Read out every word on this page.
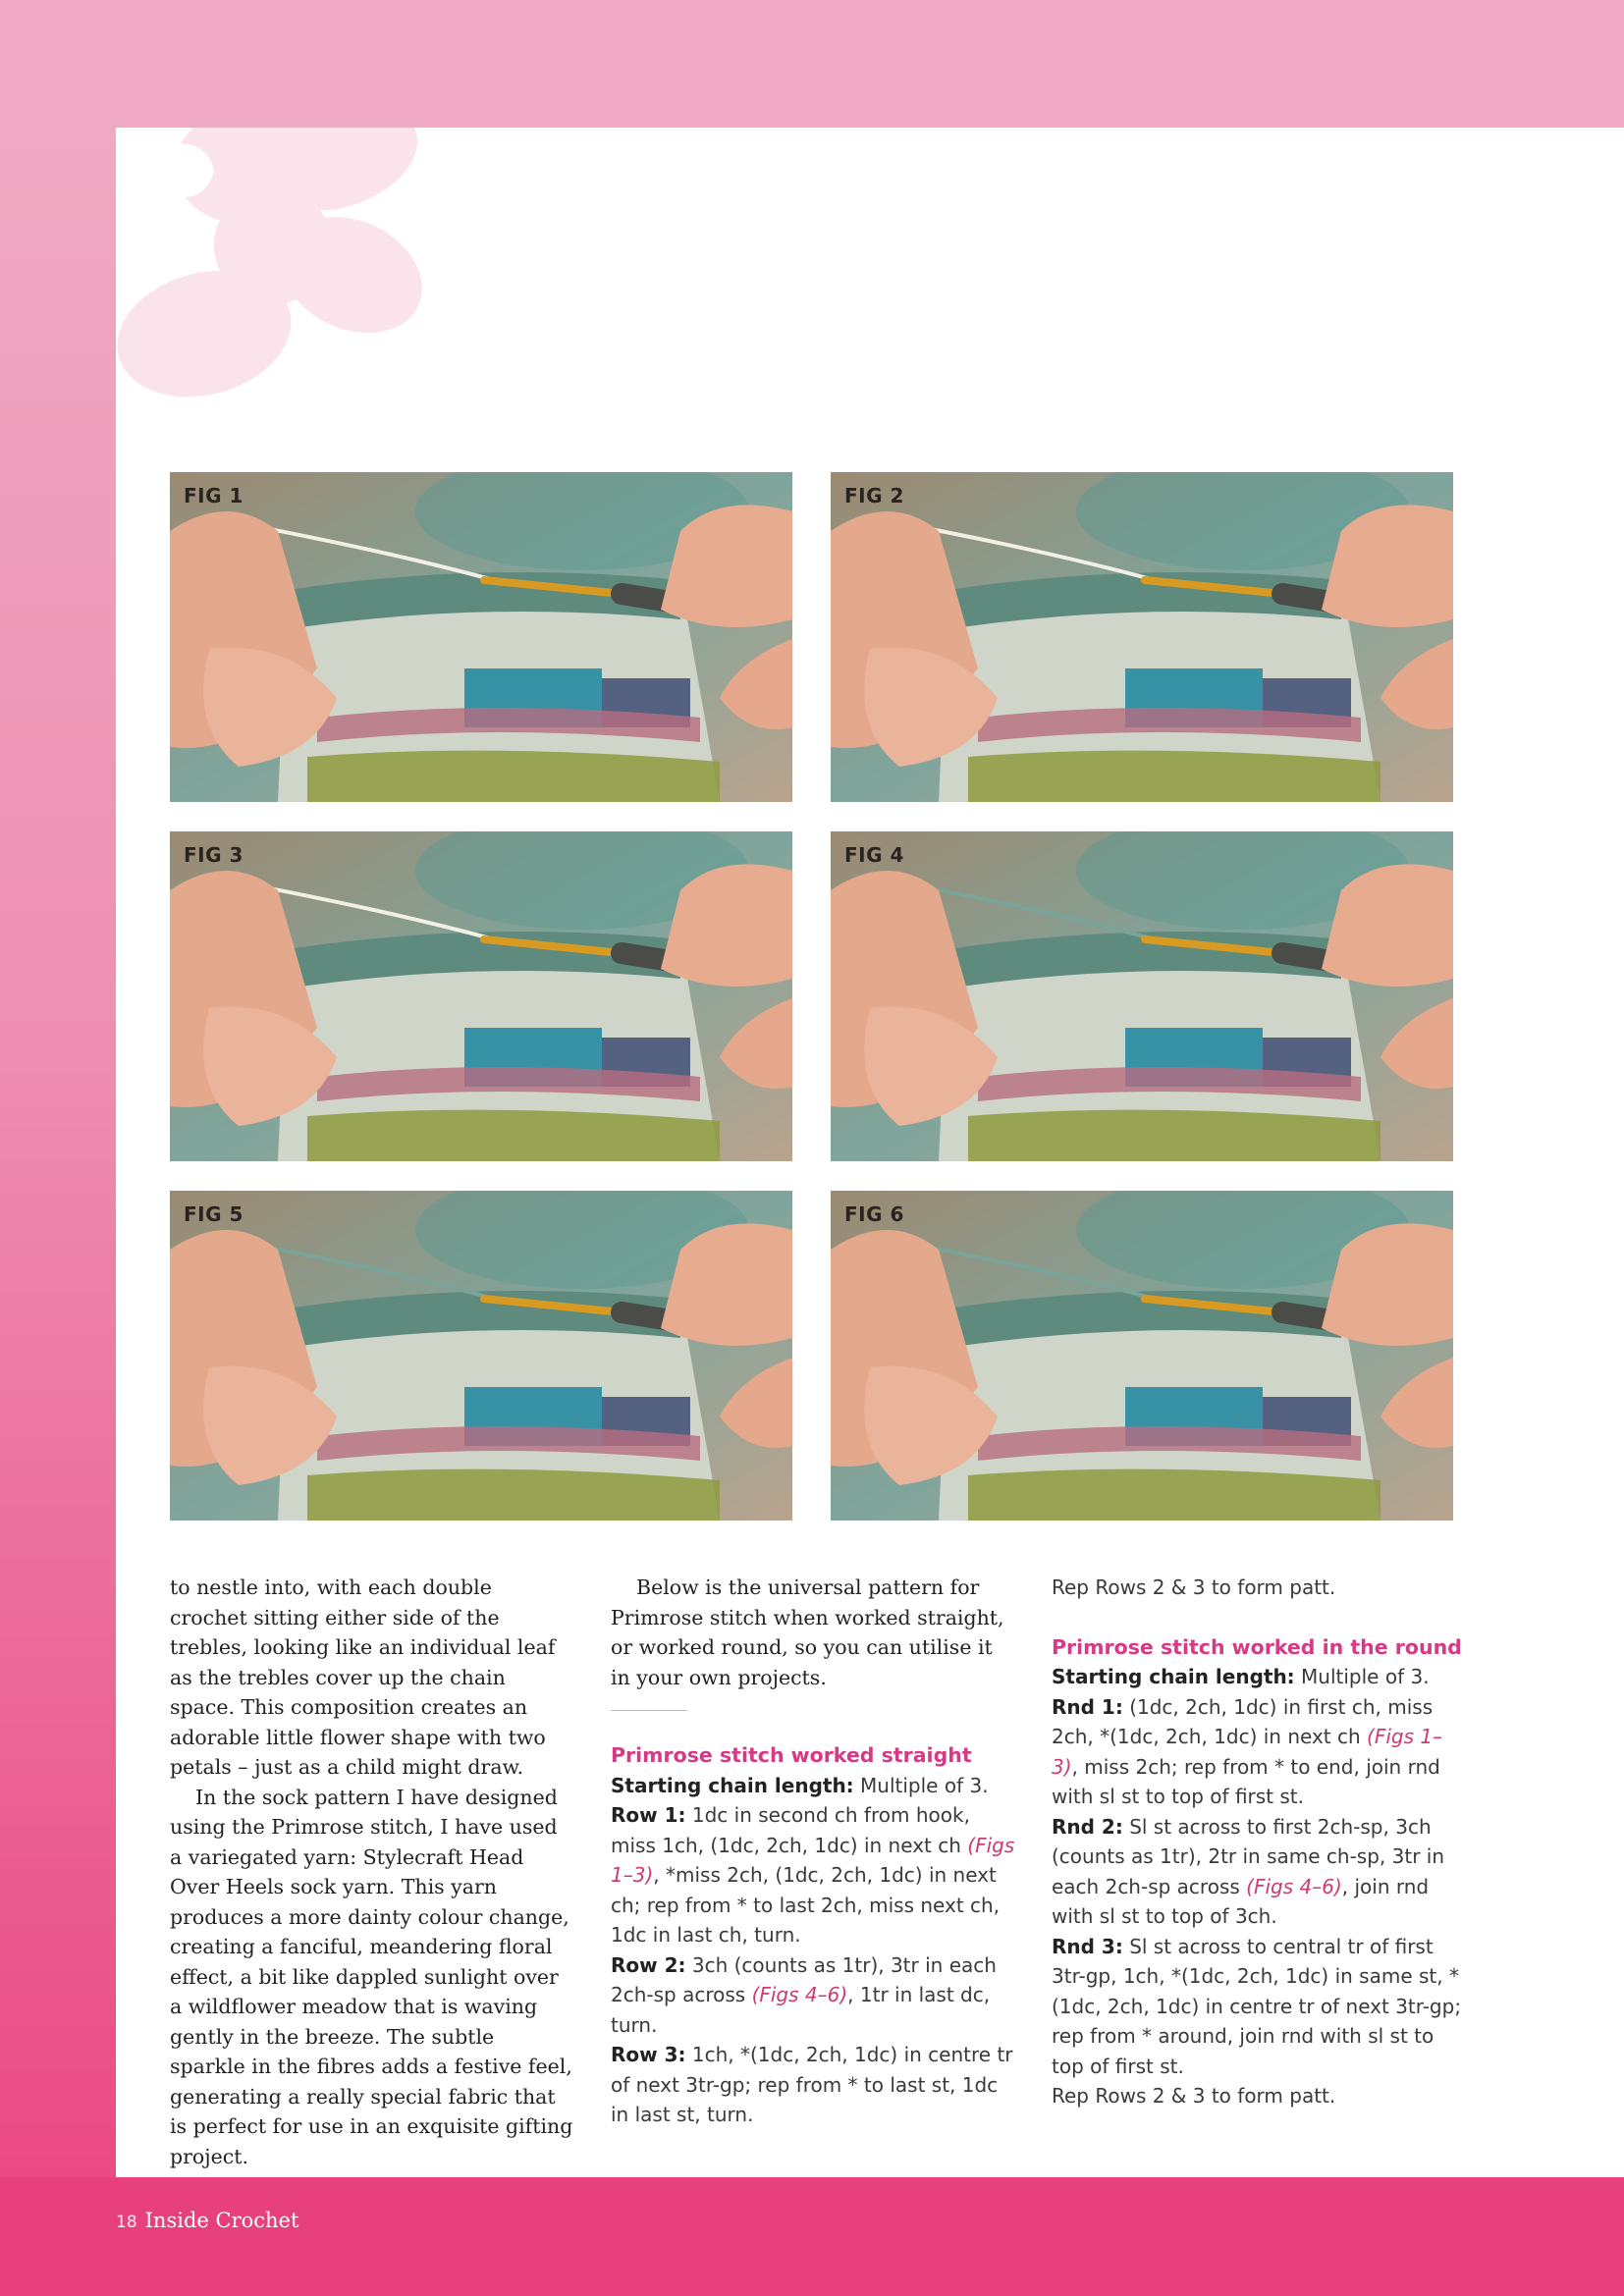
FIG 1	FIG 2
FIG 3	FIG 4
FIG 5	FIG 6

to nestle into, with each double crochet sitting either side of the trebles, looking like an individual leaf as the trebles cover up the chain space. This composition creates an adorable little flower shape with two petals – just as a child might draw.

In the sock pattern I have designed using the Primrose stitch, I have used a variegated yarn: Stylecraft Head Over Heels sock yarn. This yarn produces a more dainty colour change, creating a fanciful, meandering floral effect, a bit like dappled sunlight over a wildflower meadow that is waving gently in the breeze. The subtle sparkle in the fibres adds a festive feel, generating a really special fabric that is perfect for use in an exquisite gifting project.

Below is the universal pattern for Primrose stitch when worked straight, or worked round, so you can utilise it in your own projects.

Primrose stitch worked straight

Starting chain length: Multiple of 3.

Row 1: 1dc in second ch from hook, miss 1ch, (1dc, 2ch, 1dc) in next ch (Figs 1–3), *miss 2ch, (1dc, 2ch, 1dc) in next ch; rep from * to last 2ch, miss next ch, 1dc in last ch, turn.

Row 2: 3ch (counts as 1tr), 3tr in each 2ch-sp across (Figs 4–6), 1tr in last dc, turn.

Row 3: 1ch, *(1dc, 2ch, 1dc) in centre tr of next 3tr-gp; rep from * to last st, 1dc in last st, turn.

Rep Rows 2 & 3 to form patt.

Primrose stitch worked in the round

Starting chain length: Multiple of 3.

Rnd 1: (1dc, 2ch, 1dc) in first ch, miss 2ch, *(1dc, 2ch, 1dc) in next ch (Figs 1–3), miss 2ch; rep from * to end, join rnd with sl st to top of first st.

Rnd 2: Sl st across to first 2ch-sp, 3ch (counts as 1tr), 2tr in same ch-sp, 3tr in each 2ch-sp across (Figs 4–6), join rnd with sl st to top of 3ch.

Rnd 3: Sl st across to central tr of first 3tr-gp, 1ch, *(1dc, 2ch, 1dc) in same st, *(1dc, 2ch, 1dc) in centre tr of next 3tr-gp; rep from * around, join rnd with sl st to top of first st.

Rep Rows 2 & 3 to form patt.

18 Inside Crochet
